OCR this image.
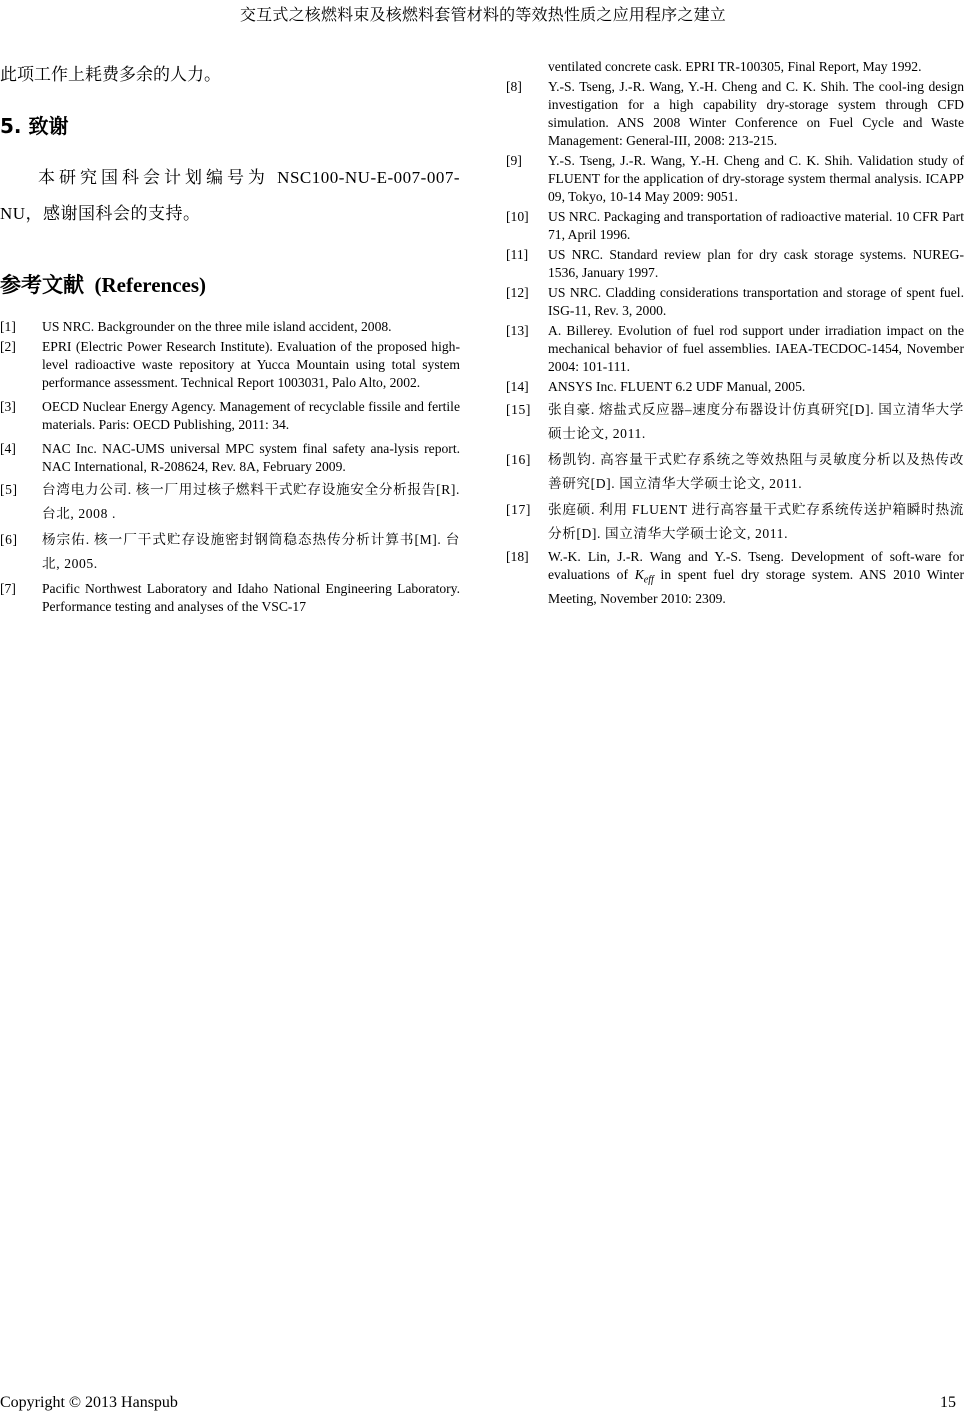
交互式之核燃料束及核燃料套管材料的等效热性质之应用程序之建立

此项工作上耗费多余的人力。

5. 致谢

本研究国科会计划编号为 NSC100-NU-E-007-007-NU，感谢国科会的支持。

参考文献 (References)
[1] US NRC. Backgrounder on the three mile island accident, 2008.
[2] EPRI (Electric Power Research Institute). Evaluation of the proposed high-level radioactive waste repository at Yucca Mountain using total system performance assessment. Technical Report 1003031, Palo Alto, 2002.
[3] OECD Nuclear Energy Agency. Management of recyclable fissile and fertile materials. Paris: OECD Publishing, 2011: 34.
[4] NAC Inc. NAC-UMS universal MPC system final safety ana-lysis report. NAC International, R-208624, Rev. 8A, February 2009.
[5] 台湾电力公司. 核一厂用过核子燃料干式贮存设施安全分析报告[R]. 台北, 2008 .
[6] 杨宗佑. 核一厂干式贮存设施密封钢筒稳态热传分析计算书[M]. 台北, 2005.
[7] Pacific Northwest Laboratory and Idaho National Engineering Laboratory. Performance testing and analyses of the VSC-17
ventilated concrete cask. EPRI TR-100305, Final Report, May 1992.
[8] Y.-S. Tseng, J.-R. Wang, Y.-H. Cheng and C. K. Shih. The cool-ing design investigation for a high capability dry-storage system through CFD simulation. ANS 2008 Winter Conference on Fuel Cycle and Waste Management: General-III, 2008: 213-215.
[9] Y.-S. Tseng, J.-R. Wang, Y.-H. Cheng and C. K. Shih. Validation study of FLUENT for the application of dry-storage system thermal analysis. ICAPP 09, Tokyo, 10-14 May 2009: 9051.
[10] US NRC. Packaging and transportation of radioactive material. 10 CFR Part 71, April 1996.
[11] US NRC. Standard review plan for dry cask storage systems. NUREG-1536, January 1997.
[12] US NRC. Cladding considerations transportation and storage of spent fuel. ISG-11, Rev. 3, 2000.
[13] A. Billerey. Evolution of fuel rod support under irradiation impact on the mechanical behavior of fuel assemblies. IAEA-TECDOC-1454, November 2004: 101-111.
[14] ANSYS Inc. FLUENT 6.2 UDF Manual, 2005.
[15] 张自豪. 熔盐式反应器–速度分布器设计仿真研究[D]. 国立清华大学硕士论文, 2011.
[16] 杨凯钧. 高容量干式贮存系统之等效热阻与灵敏度分析以及热传改善研究[D]. 国立清华大学硕士论文, 2011.
[17] 张庭硕. 利用 FLUENT 进行高容量干式贮存系统传送护箱瞬时热流分析[D]. 国立清华大学硕士论文, 2011.
[18] W.-K. Lin, J.-R. Wang and Y.-S. Tseng. Development of soft-ware for evaluations of $K_{eff}$ in spent fuel dry storage system. ANS 2010 Winter Meeting, November 2010: 2309.
Copyright © 2013 Hanspub	15
